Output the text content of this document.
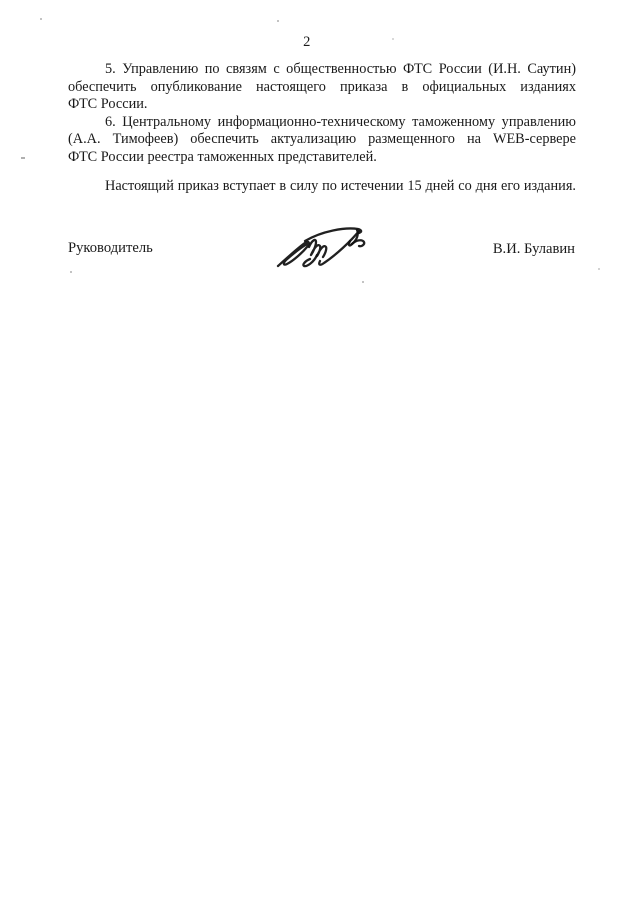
2

5. Управлению по связям с общественностью ФТС России (И.Н. Саутин)
обеспечить опубликование настоящего приказа в официальных изданиях
ФТС России.

6. Центральному информационно-техническому таможенному управлению
(А.А. Тимофеев) обеспечить актуализацию размещенного на WEB-сервере
ФТС России реестра таможенных представителей.

Настоящий приказ вступает в силу по истечении 15 дней со дня его издания.

Руководитель	В.И. Булавин
